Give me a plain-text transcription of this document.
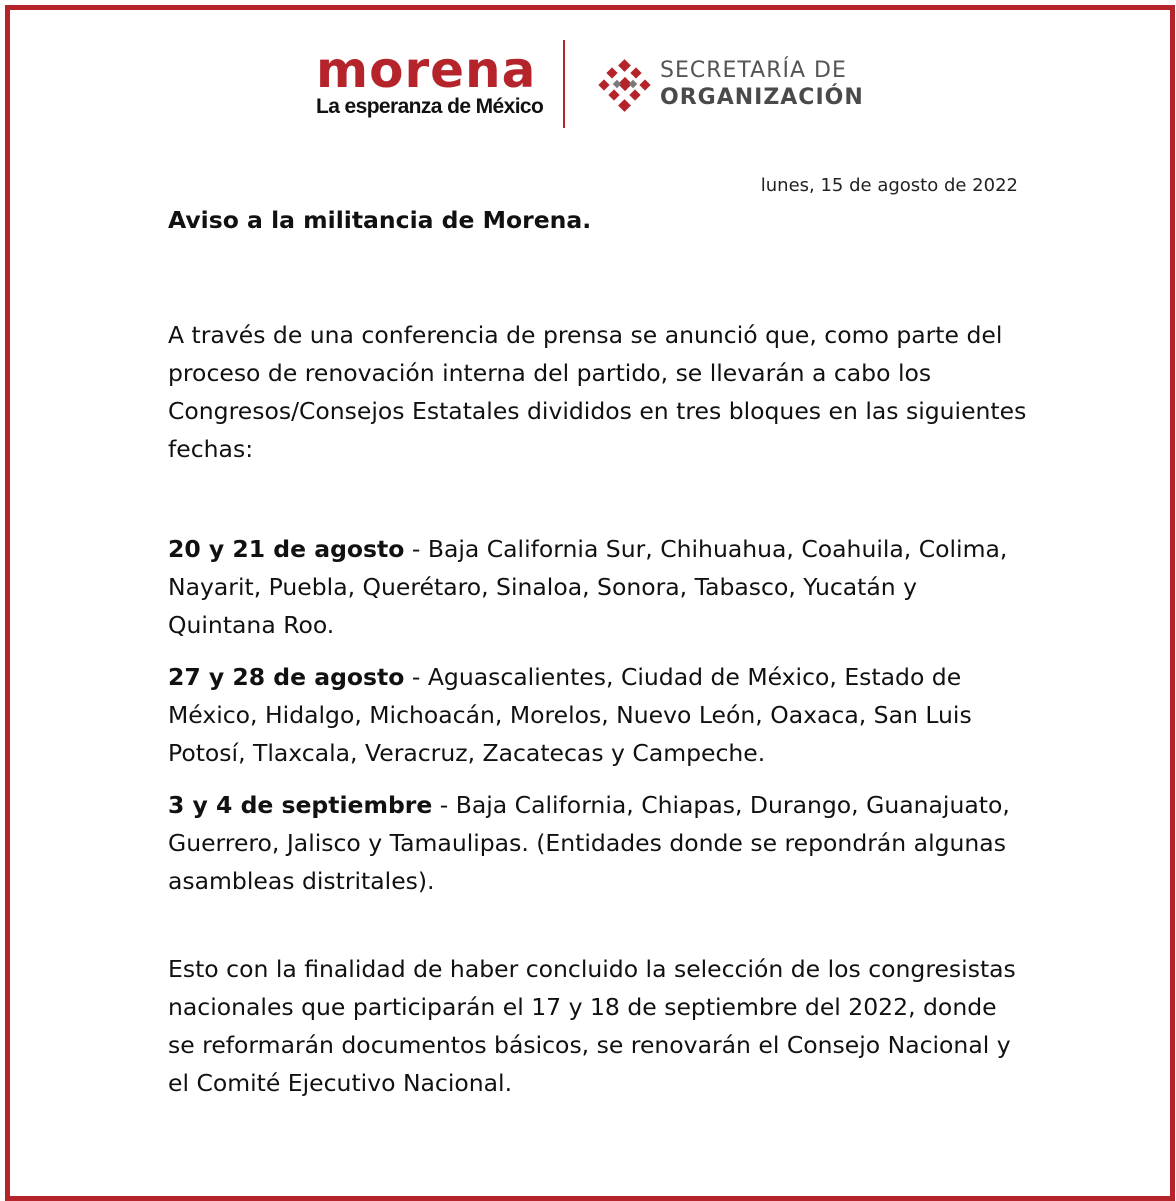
morena
La esperanza de México
SECRETARÍA DE
ORGANIZACIÓN
lunes, 15 de agosto de 2022

Aviso a la militancia de Morena.

A través de una conferencia de prensa se anunció que, como parte del proceso de renovación interna del partido, se llevarán a cabo los Congresos/Consejos Estatales divididos en tres bloques en las siguientes fechas:

20 y 21 de agosto - Baja California Sur, Chihuahua, Coahuila, Colima, Nayarit, Puebla, Querétaro, Sinaloa, Sonora, Tabasco, Yucatán y Quintana Roo.

27 y 28 de agosto - Aguascalientes, Ciudad de México, Estado de México, Hidalgo, Michoacán, Morelos, Nuevo León, Oaxaca, San Luis Potosí, Tlaxcala, Veracruz, Zacatecas y Campeche.

3 y 4 de septiembre - Baja California, Chiapas, Durango, Guanajuato, Guerrero, Jalisco y Tamaulipas. (Entidades donde se repondrán algunas asambleas distritales).

Esto con la finalidad de haber concluido la selección de los congresistas nacionales que participarán el 17 y 18 de septiembre del 2022, donde se reformarán documentos básicos, se renovarán el Consejo Nacional y el Comité Ejecutivo Nacional.
